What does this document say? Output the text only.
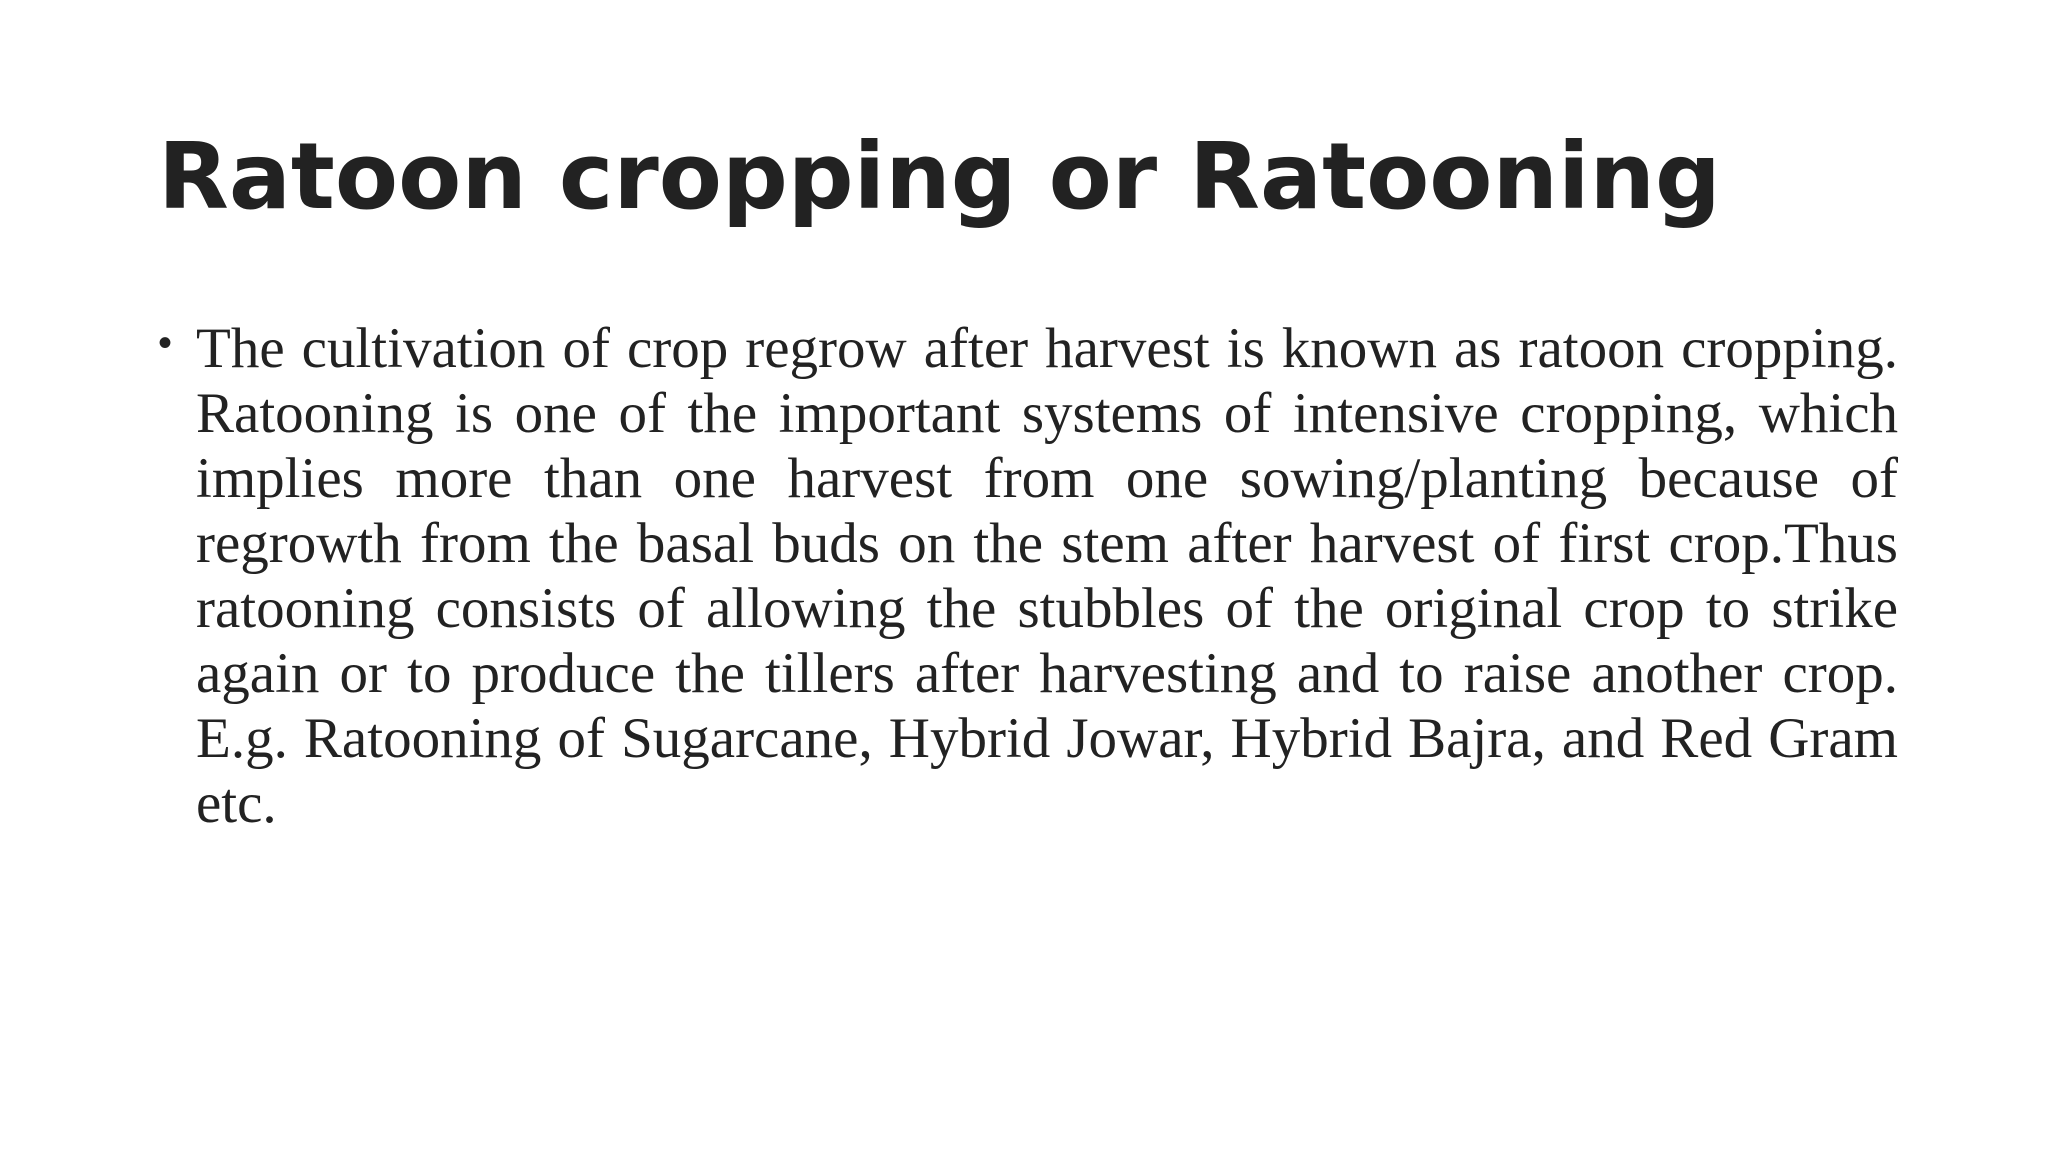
Ratoon cropping or Ratooning
• The cultivation of crop regrow after harvest is known as ratoon cropping. Ratooning is one of the important systems of intensive cropping, which implies more than one harvest from one sowing/planting because of regrowth from the basal buds on the stem after harvest of first crop.Thus ratooning consists of allowing the stubbles of the original crop to strike again or to produce the tillers after harvesting and to raise another crop. E.g. Ratooning of Sugarcane, Hybrid Jowar, Hybrid Bajra, and Red Gram etc.
